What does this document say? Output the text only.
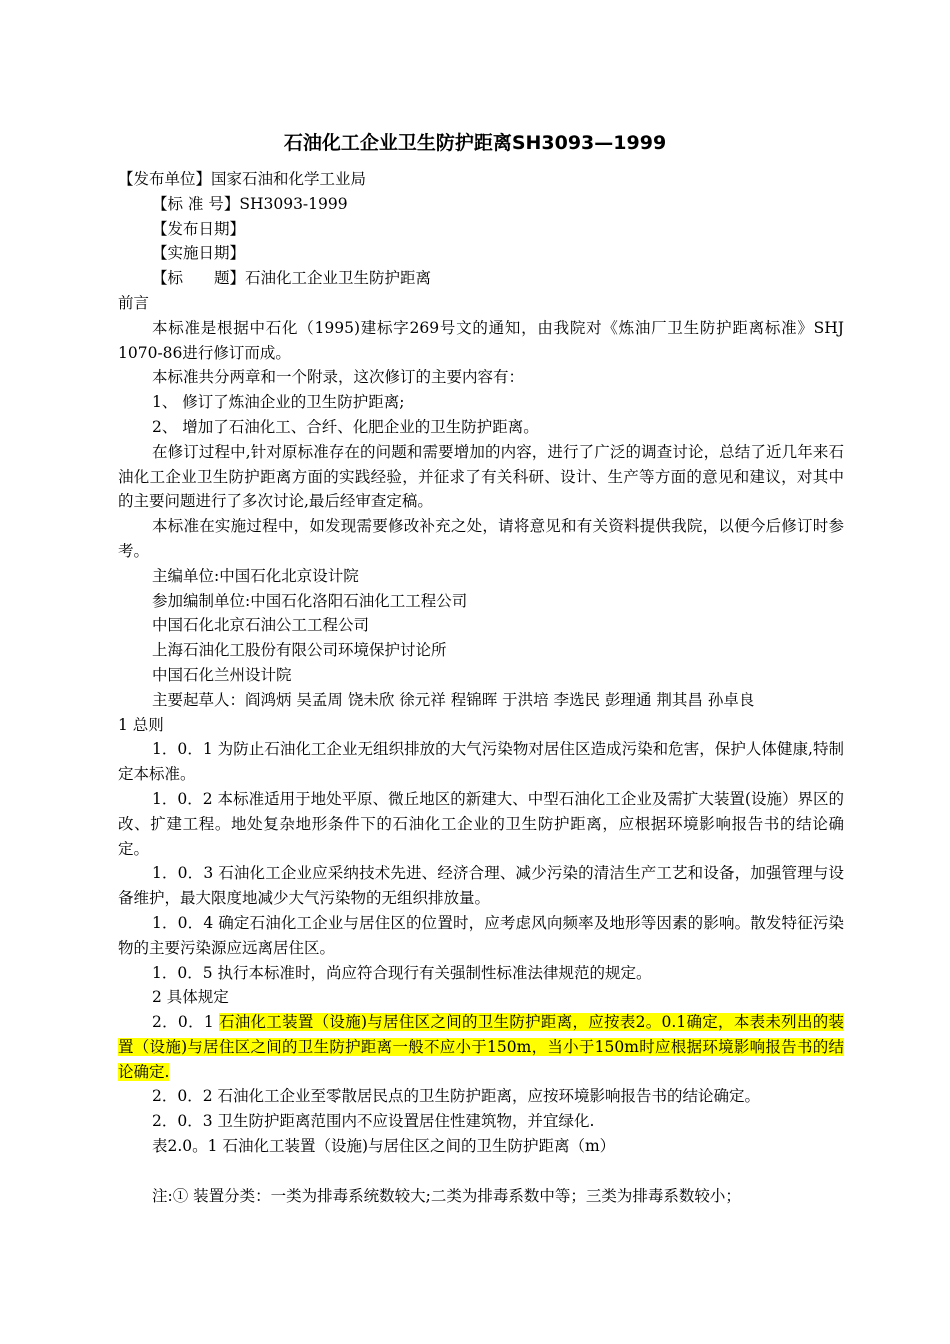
石油化工企业卫生防护距离SH3093—1999

【发布单位】国家石油和化学工业局

【标 准 号】SH3093-1999

【发布日期】

【实施日期】

【标　　题】石油化工企业卫生防护距离

前言

本标准是根据中石化（1995)建标字269号文的通知，由我院对《炼油厂卫生防护距离标准》SHJ 1070-86进行修订而成。

本标准共分两章和一个附录，这次修订的主要内容有：

1、 修订了炼油企业的卫生防护距离;

2、 增加了石油化工、合纤、化肥企业的卫生防护距离。

在修订过程中,针对原标准存在的问题和需要增加的内容，进行了广泛的调查讨论，总结了近几年来石油化工企业卫生防护距离方面的实践经验，并征求了有关科研、设计、生产等方面的意见和建议，对其中的主要问题进行了多次讨论,最后经审查定稿。

本标准在实施过程中，如发现需要修改补充之处，请将意见和有关资料提供我院，以便今后修订时参考。

主编单位:中国石化北京设计院

参加编制单位:中国石化洛阳石油化工工程公司

中国石化北京石油公工工程公司

上海石油化工股份有限公司环境保护讨论所

中国石化兰州设计院

主要起草人：阎鸿炳 吴孟周 饶未欣 徐元祥 程锦晖 于洪培 李选民 彭理通 荆其昌 孙卓良

1 总则

1．0．1 为防止石油化工企业无组织排放的大气污染物对居住区造成污染和危害，保护人体健康,特制定本标准。

1．0．2 本标准适用于地处平原、微丘地区的新建大、中型石油化工企业及需扩大装置(设施）界区的改、扩建工程。地处复杂地形条件下的石油化工企业的卫生防护距离，应根据环境影响报告书的结论确定。

1．0．3 石油化工企业应采纳技术先进、经济合理、减少污染的清洁生产工艺和设备，加强管理与设备维护，最大限度地减少大气污染物的无组织排放量。

1．0．4 确定石油化工企业与居住区的位置时，应考虑风向频率及地形等因素的影响。散发特征污染物的主要污染源应远离居住区。

1．0．5 执行本标准时，尚应符合现行有关强制性标准法律规范的规定。

2 具体规定

2．0．1 石油化工装置（设施)与居住区之间的卫生防护距离，应按表2。0.1确定，本表未列出的装置（设施)与居住区之间的卫生防护距离一般不应小于150m，当小于150m时应根据环境影响报告书的结论确定.

2．0．2 石油化工企业至零散居民点的卫生防护距离，应按环境影响报告书的结论确定。

2．0．3 卫生防护距离范围内不应设置居住性建筑物，并宜绿化.

表2.0。1 石油化工装置（设施)与居住区之间的卫生防护距离（m）

注:① 装置分类：一类为排毒系统数较大;二类为排毒系数中等；三类为排毒系数较小；
